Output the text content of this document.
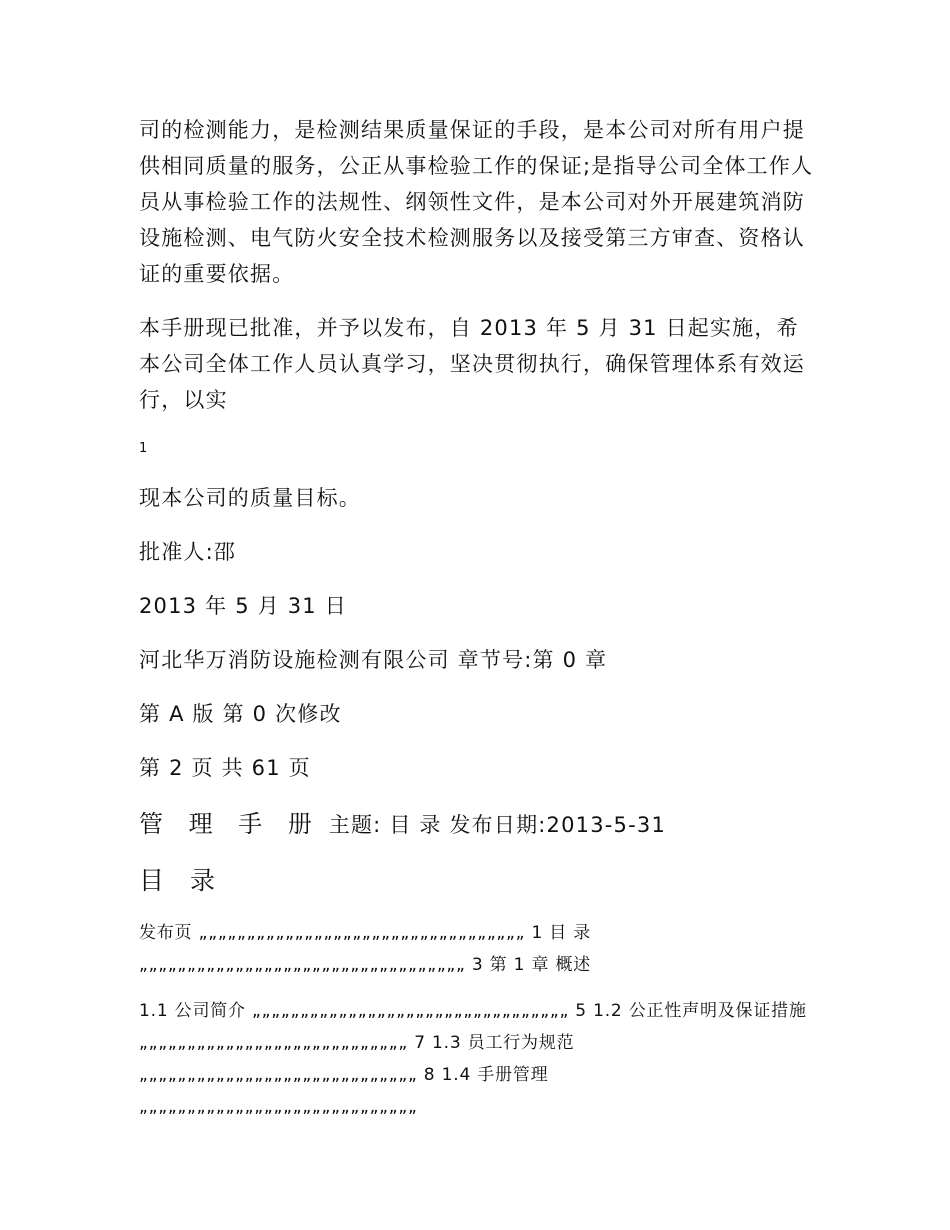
司的检测能力，是检测结果质量保证的手段，是本公司对所有用户提供相同质量的服务，公正从事检验工作的保证;是指导公司全体工作人员从事检验工作的法规性、纲领性文件，是本公司对外开展建筑消防设施检测、电气防火安全技术检测服务以及接受第三方审查、资格认证的重要依据。

本手册现已批准，并予以发布，自 2013 年 5 月 31 日起实施，希本公司全体工作人员认真学习，坚决贯彻执行，确保管理体系有效运行，以实

1

现本公司的质量目标。

批准人:邵

2013 年 5 月 31 日

河北华万消防设施检测有限公司 章节号:第 0 章

第 A 版 第 0 次修改

第 2 页 共 61 页

管 理 手 册 主题: 目 录 发布日期:2013-5-31
目 录

发布页 „„„„„„„„„„„„„„„„„„„„„„„„„„„„„„„„„„ 1 目 录 „„„„„„„„„„„„„„„„„„„„„„„„„„„„„„„„„„ 3 第 1 章 概述

1.1 公司简介 „„„„„„„„„„„„„„„„„„„„„„„„„„„„„„„„„ 5 1.2 公正性声明及保证措施„„„„„„„„„„„„„„„„„„„„„„„„„„„„ 7 1.3 员工行为规范„„„„„„„„„„„„„„„„„„„„„„„„„„„„„ 8 1.4 手册管理 „„„„„„„„„„„„„„„„„„„„„„„„„„„„„
